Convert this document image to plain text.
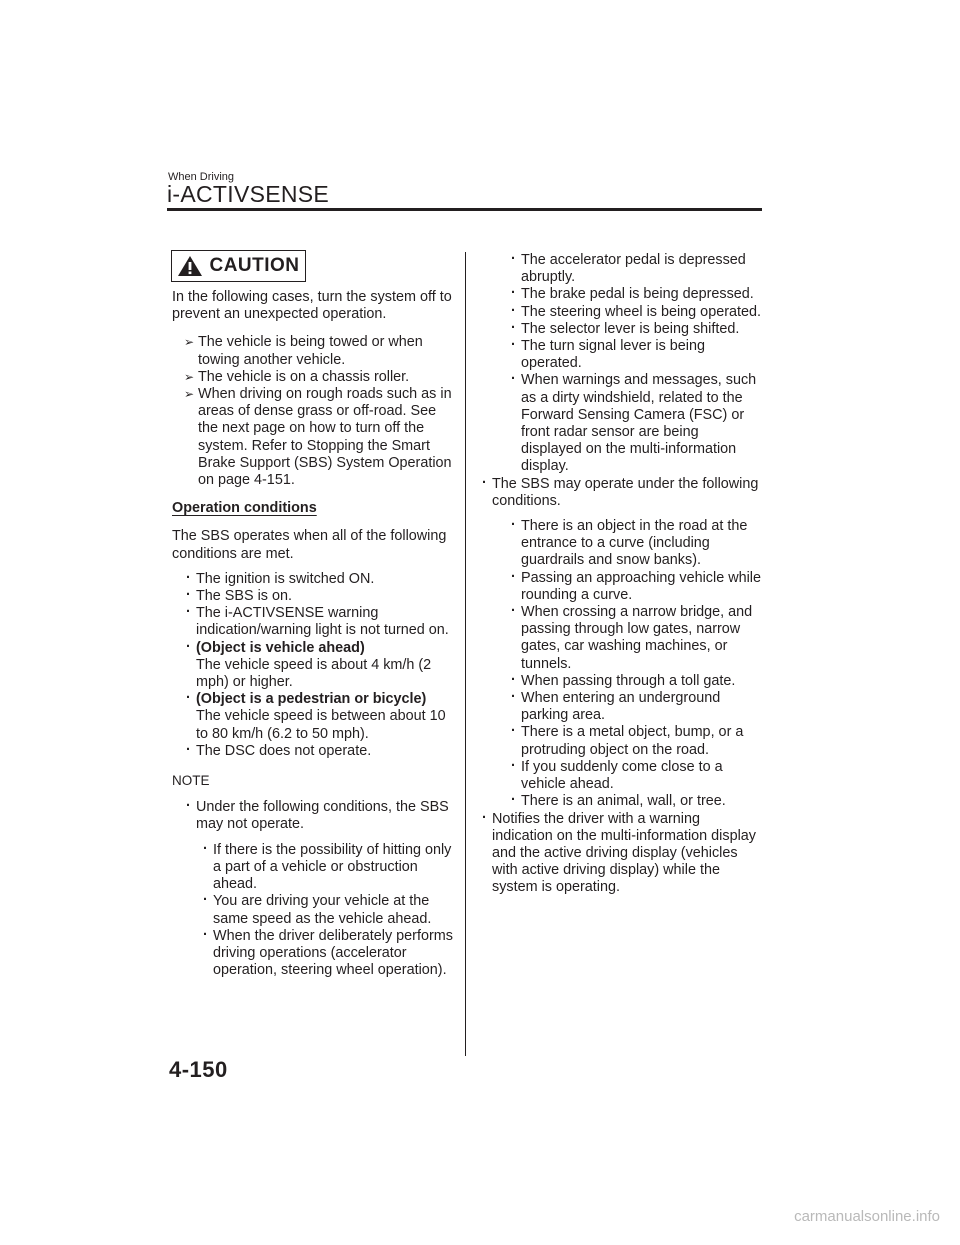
When Driving
i-ACTIVSENSE
CAUTION

In the following cases, turn the system off to prevent an unexpected operation.

➢ The vehicle is being towed or when towing another vehicle.
➢ The vehicle is on a chassis roller.
➢ When driving on rough roads such as in areas of dense grass or off-road. See the next page on how to turn off the system. Refer to Stopping the Smart Brake Support (SBS) System Operation on page 4-151.

Operation conditions

The SBS operates when all of the following conditions are met.

· The ignition is switched ON.
· The SBS is on.
· The i-ACTIVSENSE warning indication/warning light is not turned on.
· (Object is vehicle ahead)
The vehicle speed is about 4 km/h (2 mph) or higher.
· (Object is a pedestrian or bicycle)
The vehicle speed is between about 10 to 80 km/h (6.2 to 50 mph).
· The DSC does not operate.

NOTE

· Under the following conditions, the SBS may not operate.
· If there is the possibility of hitting only a part of a vehicle or obstruction ahead.
· You are driving your vehicle at the same speed as the vehicle ahead.
· When the driver deliberately performs driving operations (accelerator operation, steering wheel operation).
· The accelerator pedal is depressed abruptly.
· The brake pedal is being depressed.
· The steering wheel is being operated.
· The selector lever is being shifted.
· The turn signal lever is being operated.
· When warnings and messages, such as a dirty windshield, related to the Forward Sensing Camera (FSC) or front radar sensor are being displayed on the multi-information display.
· The SBS may operate under the following conditions.
· There is an object in the road at the entrance to a curve (including guardrails and snow banks).
· Passing an approaching vehicle while rounding a curve.
· When crossing a narrow bridge, and passing through low gates, narrow gates, car washing machines, or tunnels.
· When passing through a toll gate.
· When entering an underground parking area.
· There is a metal object, bump, or a protruding object on the road.
· If you suddenly come close to a vehicle ahead.
· There is an animal, wall, or tree.
· Notifies the driver with a warning indication on the multi-information display and the active driving display (vehicles with active driving display) while the system is operating.
4-150
carmanualsonline.info
